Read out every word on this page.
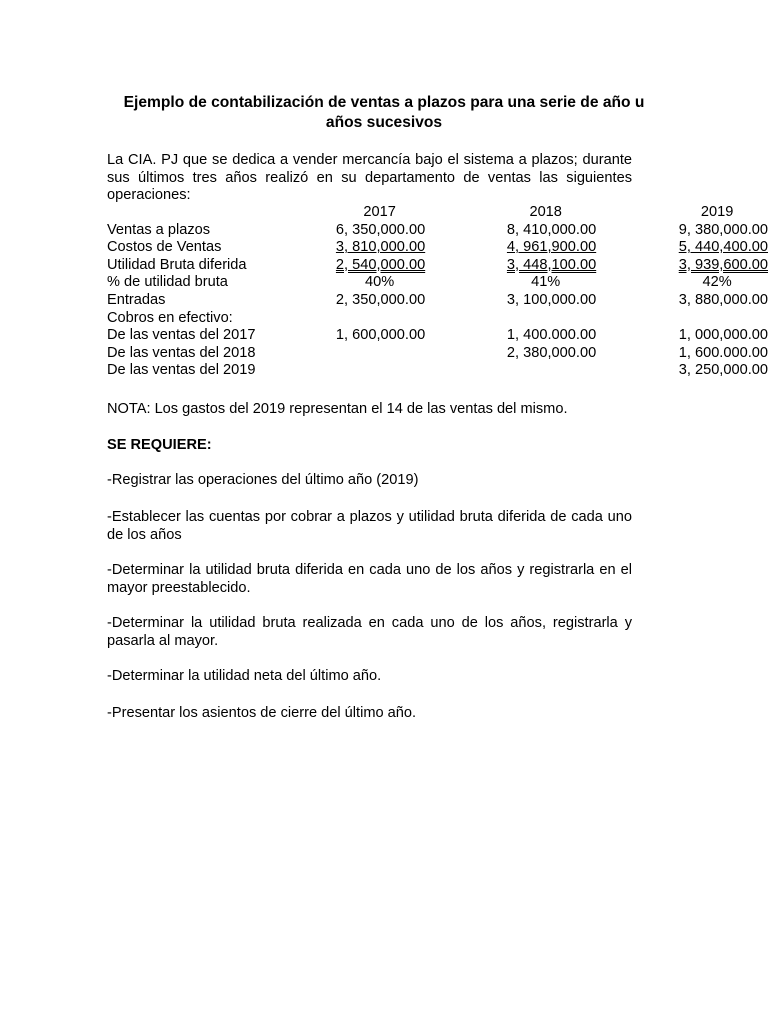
Ejemplo de contabilización de ventas a plazos para una serie de año u años sucesivos
La CIA. PJ que se dedica a vender mercancía bajo el sistema a plazos; durante
sus últimos tres años realizó en su departamento de ventas las siguientes
operaciones:
	2017	2018	2019
Ventas a plazos	6, 350,000.00	8, 410,000.00	9, 380,000.00
Costos de Ventas	3, 810,000.00	4, 961,900.00	5, 440,400.00
Utilidad Bruta diferida	2, 540,000.00	3, 448,100.00	3, 939,600.00
% de utilidad bruta	40%	41%	42%
Entradas	2, 350,000.00	3, 100,000.00	3, 880,000.00
Cobros en efectivo:			
De las ventas del 2017	1, 600,000.00	1, 400.000.00	1, 000,000.00
De las ventas del 2018		2, 380,000.00	1, 600.000.00
De las ventas del 2019			3, 250,000.00
NOTA: Los gastos del 2019 representan el 14 de las ventas del mismo.
SE REQUIERE:
-Registrar las operaciones del último año (2019)
-Establecer las cuentas por cobrar a plazos y utilidad bruta diferida de cada uno de los años
-Determinar la utilidad bruta diferida en cada uno de los años y registrarla en el mayor preestablecido.
-Determinar la utilidad bruta realizada en cada uno de los años, registrarla y pasarla al mayor.
-Determinar la utilidad neta del último año.
-Presentar los asientos de cierre del último año.
